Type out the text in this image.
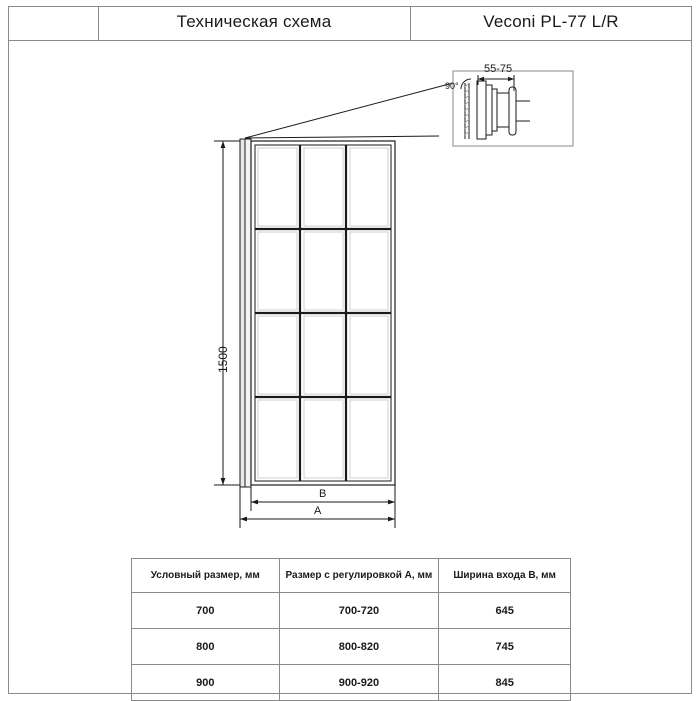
Техническая схема	Veconi PL-77 L/R
1500
B
A
55-75
90°
Условный размер, мм	Размер с регулировкой A, мм	Ширина входа B, мм
700	700-720	645
800	800-820	745
900	900-920	845
